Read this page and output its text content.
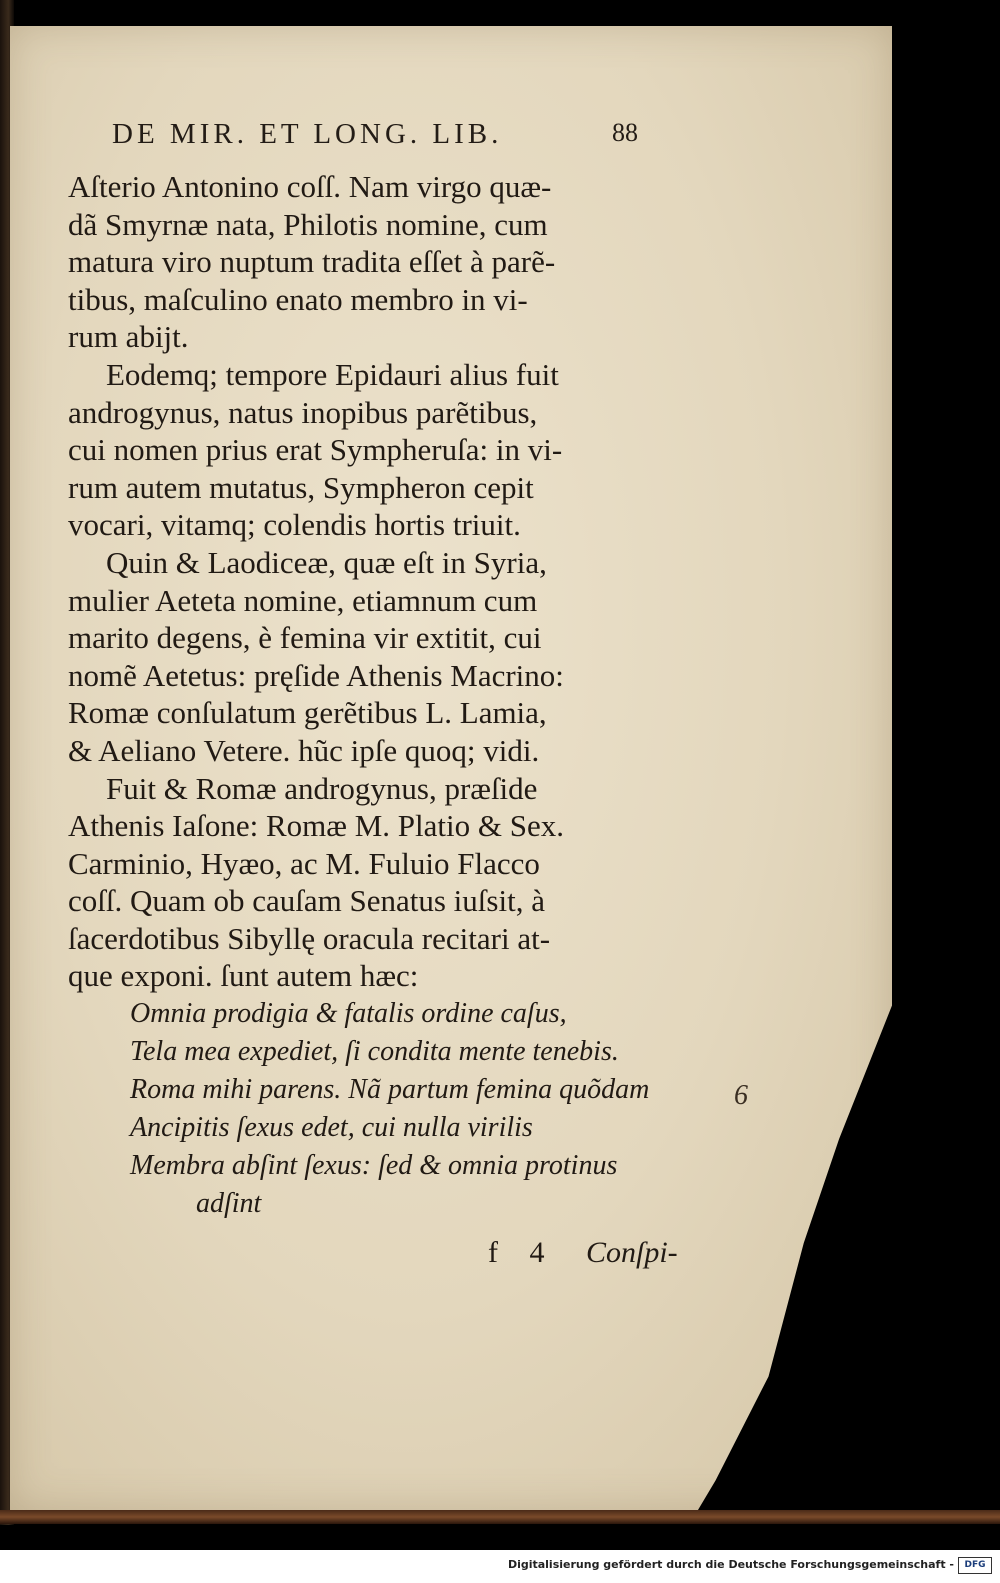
DE MIR. ET LONG. LIB.	88
Aſterio Antonino coſſ. Nam virgo quæ-
dã Smyrnæ nata, Philotis nomine, cum
matura viro nuptum tradita eſſet à parẽ-
tibus, maſculino enato membro in vi-
rum abijt.
Eodemq; tempore Epidauri alius fuit
androgynus, natus inopibus parẽtibus,
cui nomen prius erat Sympheruſa: in vi-
rum autem mutatus, Sympheron cepit
vocari, vitamq; colendis hortis triuit.
Quin & Laodiceæ, quæ eſt in Syria,
mulier Aeteta nomine, etiamnum cum
marito degens, è femina vir extitit, cui
nomẽ Aetetus: pręſide Athenis Macrino:
Romæ conſulatum gerẽtibus L. Lamia,
& Aeliano Vetere. hũc ipſe quoq; vidi.
Fuit & Romæ androgynus, præſide
Athenis Iaſone: Romæ M. Platio & Sex.
Carminio, Hyæo, ac M. Fuluio Flacco
coſſ. Quam ob cauſam Senatus iuſsit, à
ſacerdotibus Sibyllę oracula recitari at-
que exponi. ſunt autem hæc:
Omnia prodigia & fatalis ordine caſus,
Tela mea expediet, ſi condita mente tenebis.
Roma mihi parens. Nã partum femina quõdam
Ancipitis ſexus edet, cui nulla virilis
Membra abſint ſexus: ſed & omnia protinus
adſint
6
f 4 Conſpi-
Digitalisierung gefördert durch die Deutsche Forschungsgemeinschaft -	DFG
